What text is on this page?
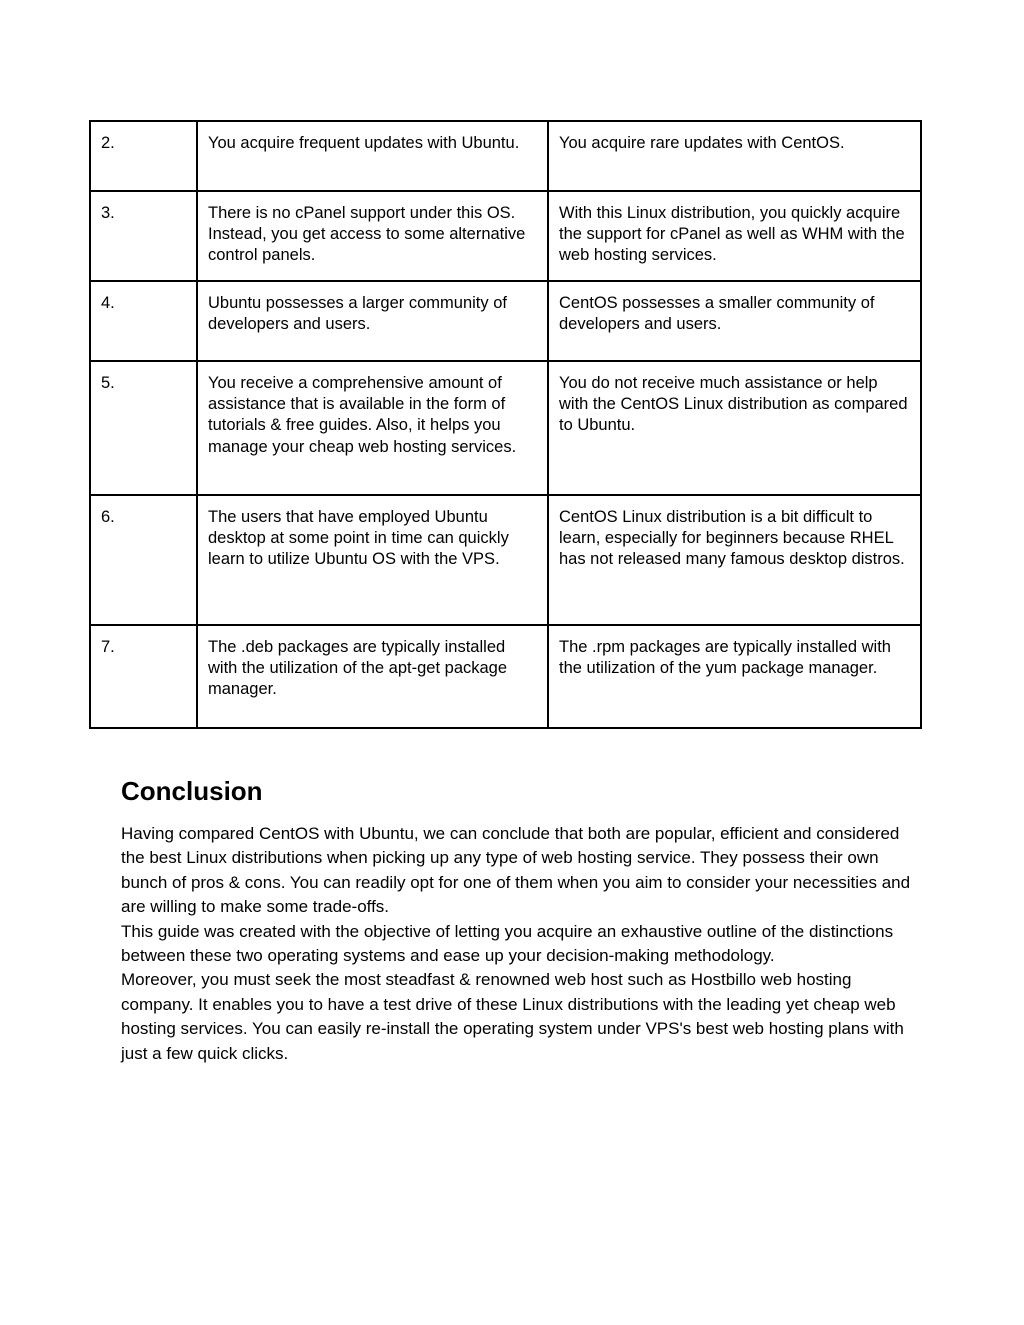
2.	You acquire frequent updates with Ubuntu.	You acquire rare updates with CentOS.
3.	There is no cPanel support under this OS. Instead, you get access to some alternative control panels.	With this Linux distribution, you quickly acquire the support for cPanel as well as WHM with the web hosting services.
4.	Ubuntu possesses a larger community of developers and users.	CentOS possesses a smaller community of developers and users.
5.	You receive a comprehensive amount of assistance that is available in the form of tutorials & free guides. Also, it helps you manage your cheap web hosting services.	You do not receive much assistance or help with the CentOS Linux distribution as compared to Ubuntu.
6.	The users that have employed Ubuntu desktop at some point in time can quickly learn to utilize Ubuntu OS with the VPS.	CentOS Linux distribution is a bit difficult to learn, especially for beginners because RHEL has not released many famous desktop distros.
7.	The .deb packages are typically installed with the utilization of the apt-get package manager.	The .rpm packages are typically installed with the utilization of the yum package manager.
Conclusion

Having compared CentOS with Ubuntu, we can conclude that both are popular, efficient and considered the best Linux distributions when picking up any type of web hosting service. They possess their own bunch of pros & cons. You can readily opt for one of them when you aim to consider your necessities and are willing to make some trade-offs.

This guide was created with the objective of letting you acquire an exhaustive outline of the distinctions between these two operating systems and ease up your decision-making methodology.

Moreover, you must seek the most steadfast & renowned web host such as Hostbillo web hosting company. It enables you to have a test drive of these Linux distributions with the leading yet cheap web hosting services. You can easily re-install the operating system under VPS's best web hosting plans with just a few quick clicks.
